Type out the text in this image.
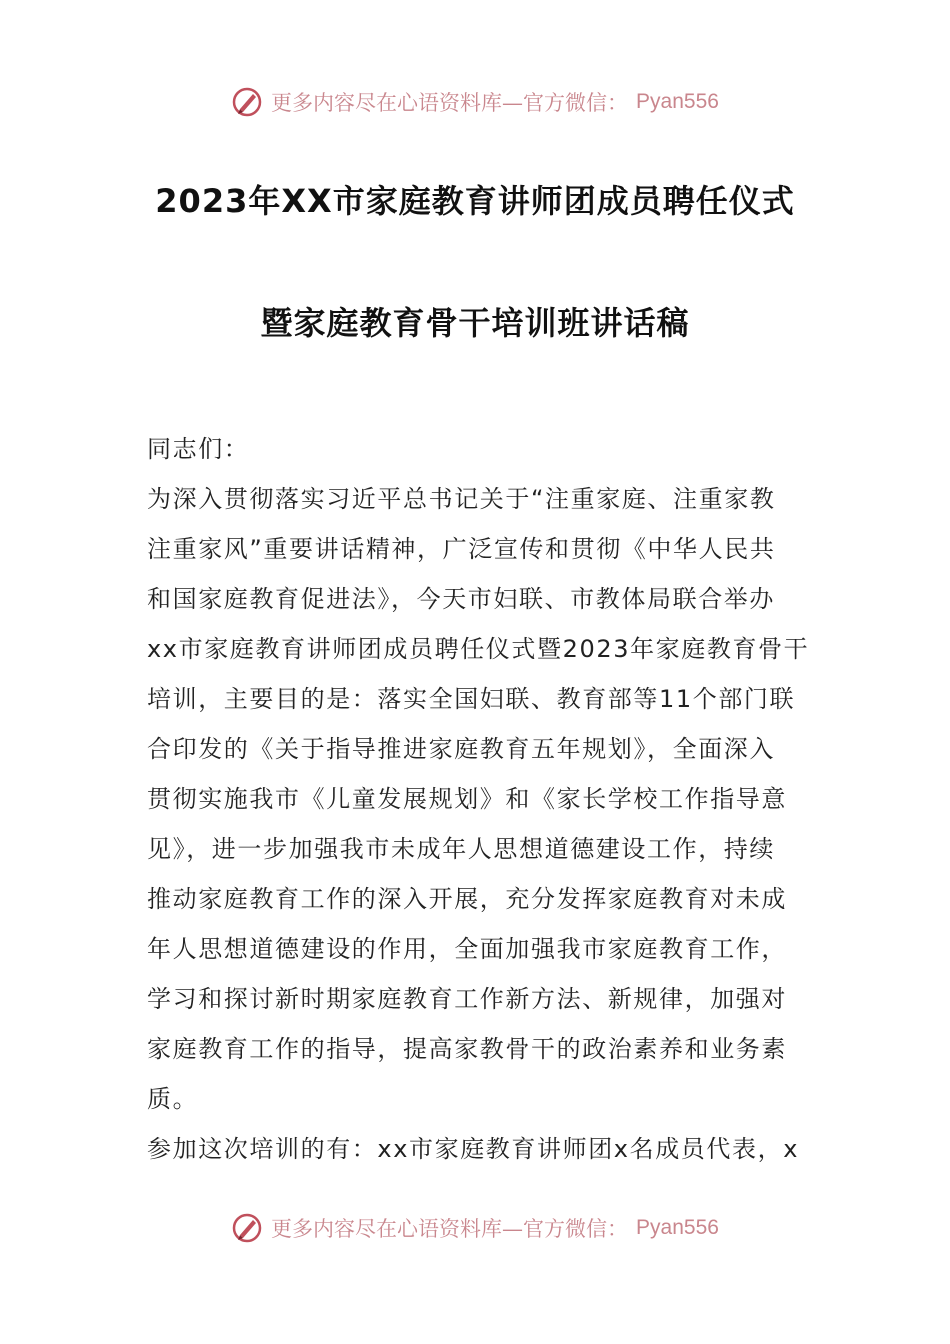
更多内容尽在心语资料库—官方微信： Pyan556
2023年XX市家庭教育讲师团成员聘任仪式
暨家庭教育骨干培训班讲话稿
同志们：
为深入贯彻落实习近平总书记关于“注重家庭、注重家教
注重家风”重要讲话精神，广泛宣传和贯彻《中华人民共
和国家庭教育促进法》，今天市妇联、市教体局联合举办
xx市家庭教育讲师团成员聘任仪式暨2023年家庭教育骨干
培训，主要目的是：落实全国妇联、教育部等11个部门联
合印发的《关于指导推进家庭教育五年规划》，全面深入
贯彻实施我市《儿童发展规划》和《家长学校工作指导意
见》，进一步加强我市未成年人思想道德建设工作，持续
推动家庭教育工作的深入开展，充分发挥家庭教育对未成
年人思想道德建设的作用，全面加强我市家庭教育工作，
学习和探讨新时期家庭教育工作新方法、新规律，加强对
家庭教育工作的指导，提高家教骨干的政治素养和业务素
质。
参加这次培训的有：xx市家庭教育讲师团x名成员代表，x
更多内容尽在心语资料库—官方微信： Pyan556
